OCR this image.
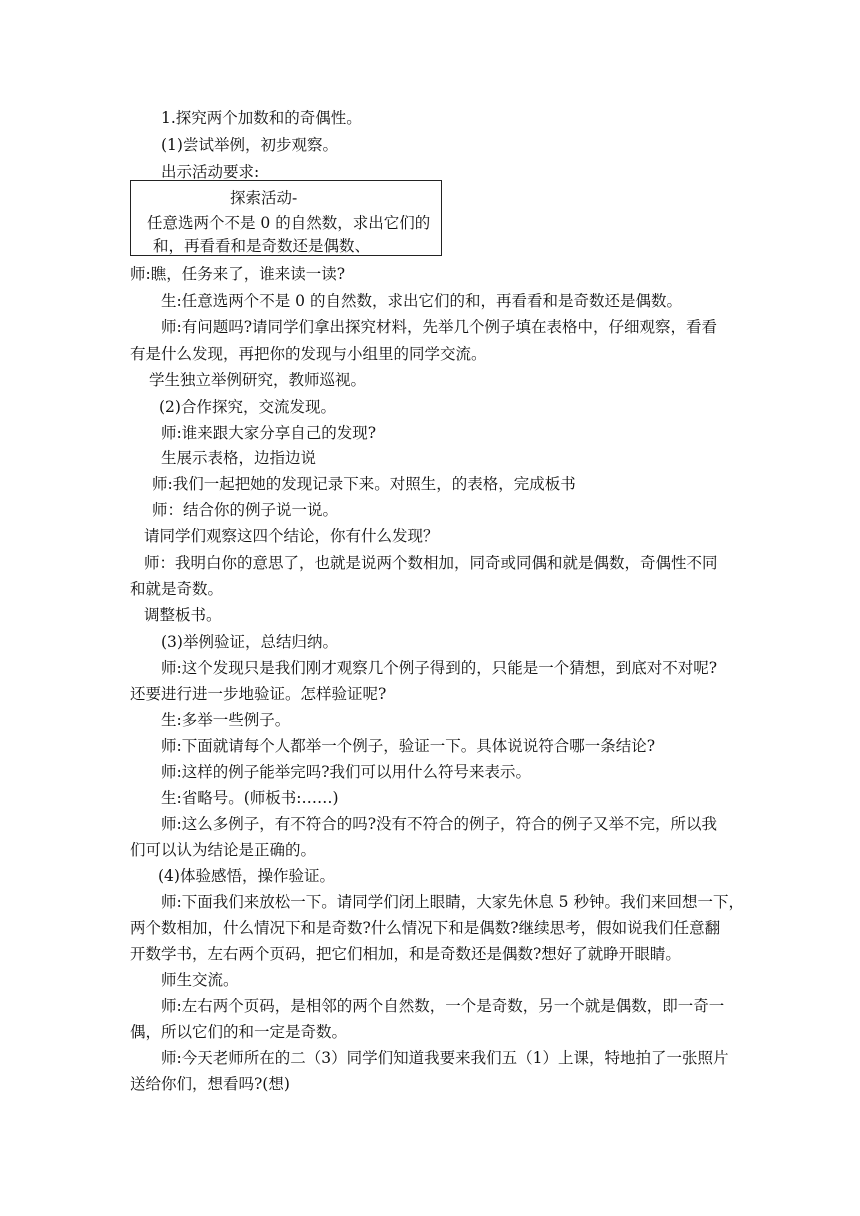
1.探究两个加数和的奇偶性。
(1)尝试举例，初步观察。
出示活动要求:
探索活动-
任意选两个不是 0 的自然数，求出它们的
和，再看看和是奇数还是偶数、
师:瞧，任务来了，谁来读一读?
生:任意选两个不是 0 的自然数，求出它们的和，再看看和是奇数还是偶数。
师:有问题吗?请同学们拿出探究材料，先举几个例子填在表格中，仔细观察，看看
有是什么发现，再把你的发现与小组里的同学交流。
学生独立举例研究，教师巡视。
(2)合作探究，交流发现。
师:谁来跟大家分享自己的发现?
生展示表格，边指边说
师:我们一起把她的发现记录下来。对照生，的表格，完成板书
师：结合你的例子说一说。
请同学们观察这四个结论，你有什么发现？
师：我明白你的意思了，也就是说两个数相加，同奇或同偶和就是偶数，奇偶性不同
和就是奇数。
调整板书。
(3)举例验证，总结归纳。
师:这个发现只是我们刚才观察几个例子得到的，只能是一个猜想，到底对不对呢?
还要进行进一步地验证。怎样验证呢?
生:多举一些例子。
师:下面就请每个人都举一个例子，验证一下。具体说说符合哪一条结论?
师:这样的例子能举完吗?我们可以用什么符号来表示。
生:省略号。(师板书:……)
师:这么多例子，有不符合的吗?没有不符合的例子，符合的例子又举不完，所以我
们可以认为结论是正确的。
(4)体验感悟，操作验证。
师:下面我们来放松一下。请同学们闭上眼睛，大家先休息 5 秒钟。我们来回想一下，
两个数相加，什么情况下和是奇数?什么情况下和是偶数?继续思考，假如说我们任意翻
开数学书，左右两个页码，把它们相加，和是奇数还是偶数?想好了就睁开眼睛。
师生交流。
师:左右两个页码，是相邻的两个自然数，一个是奇数，另一个就是偶数，即一奇一
偶，所以它们的和一定是奇数。
师:今天老师所在的二（3）同学们知道我要来我们五（1）上课，特地拍了一张照片
送给你们，想看吗?(想)
